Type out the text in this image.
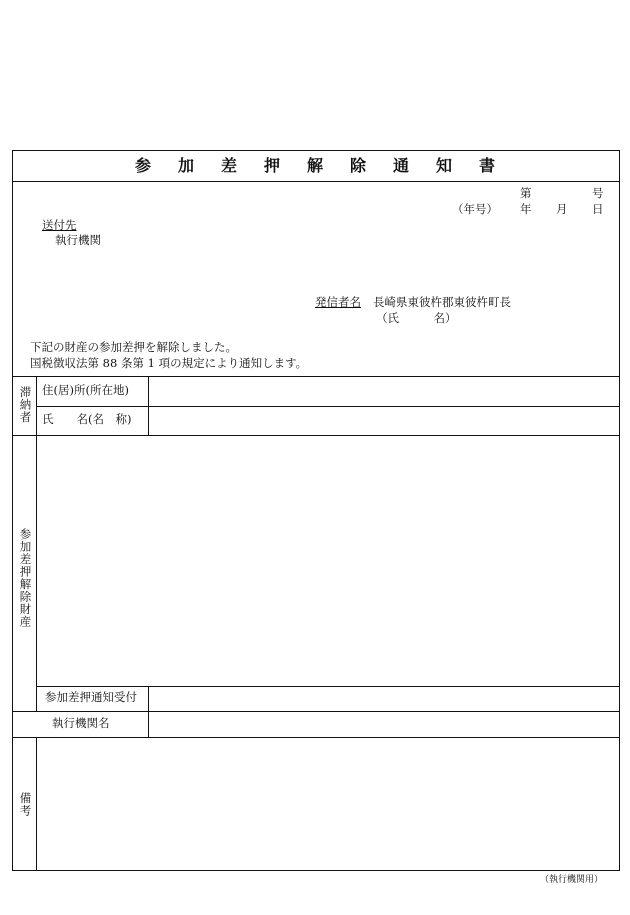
参 加 差 押 解 除 通 知 書
第	号
（年号） 年 月 日
送付先
執行機関
発信者名 長崎県東彼杵郡東彼杵町長
（氏　　　名）
下記の財産の参加差押を解除しました。
国税徴収法第 88 条第 1 項の規定により通知します。
滞納者 住(居)所(所在地)
氏　　名(名　称)
参加差押解除財産
参加差押通知受付
執行機関名
備考
（執行機関用）
